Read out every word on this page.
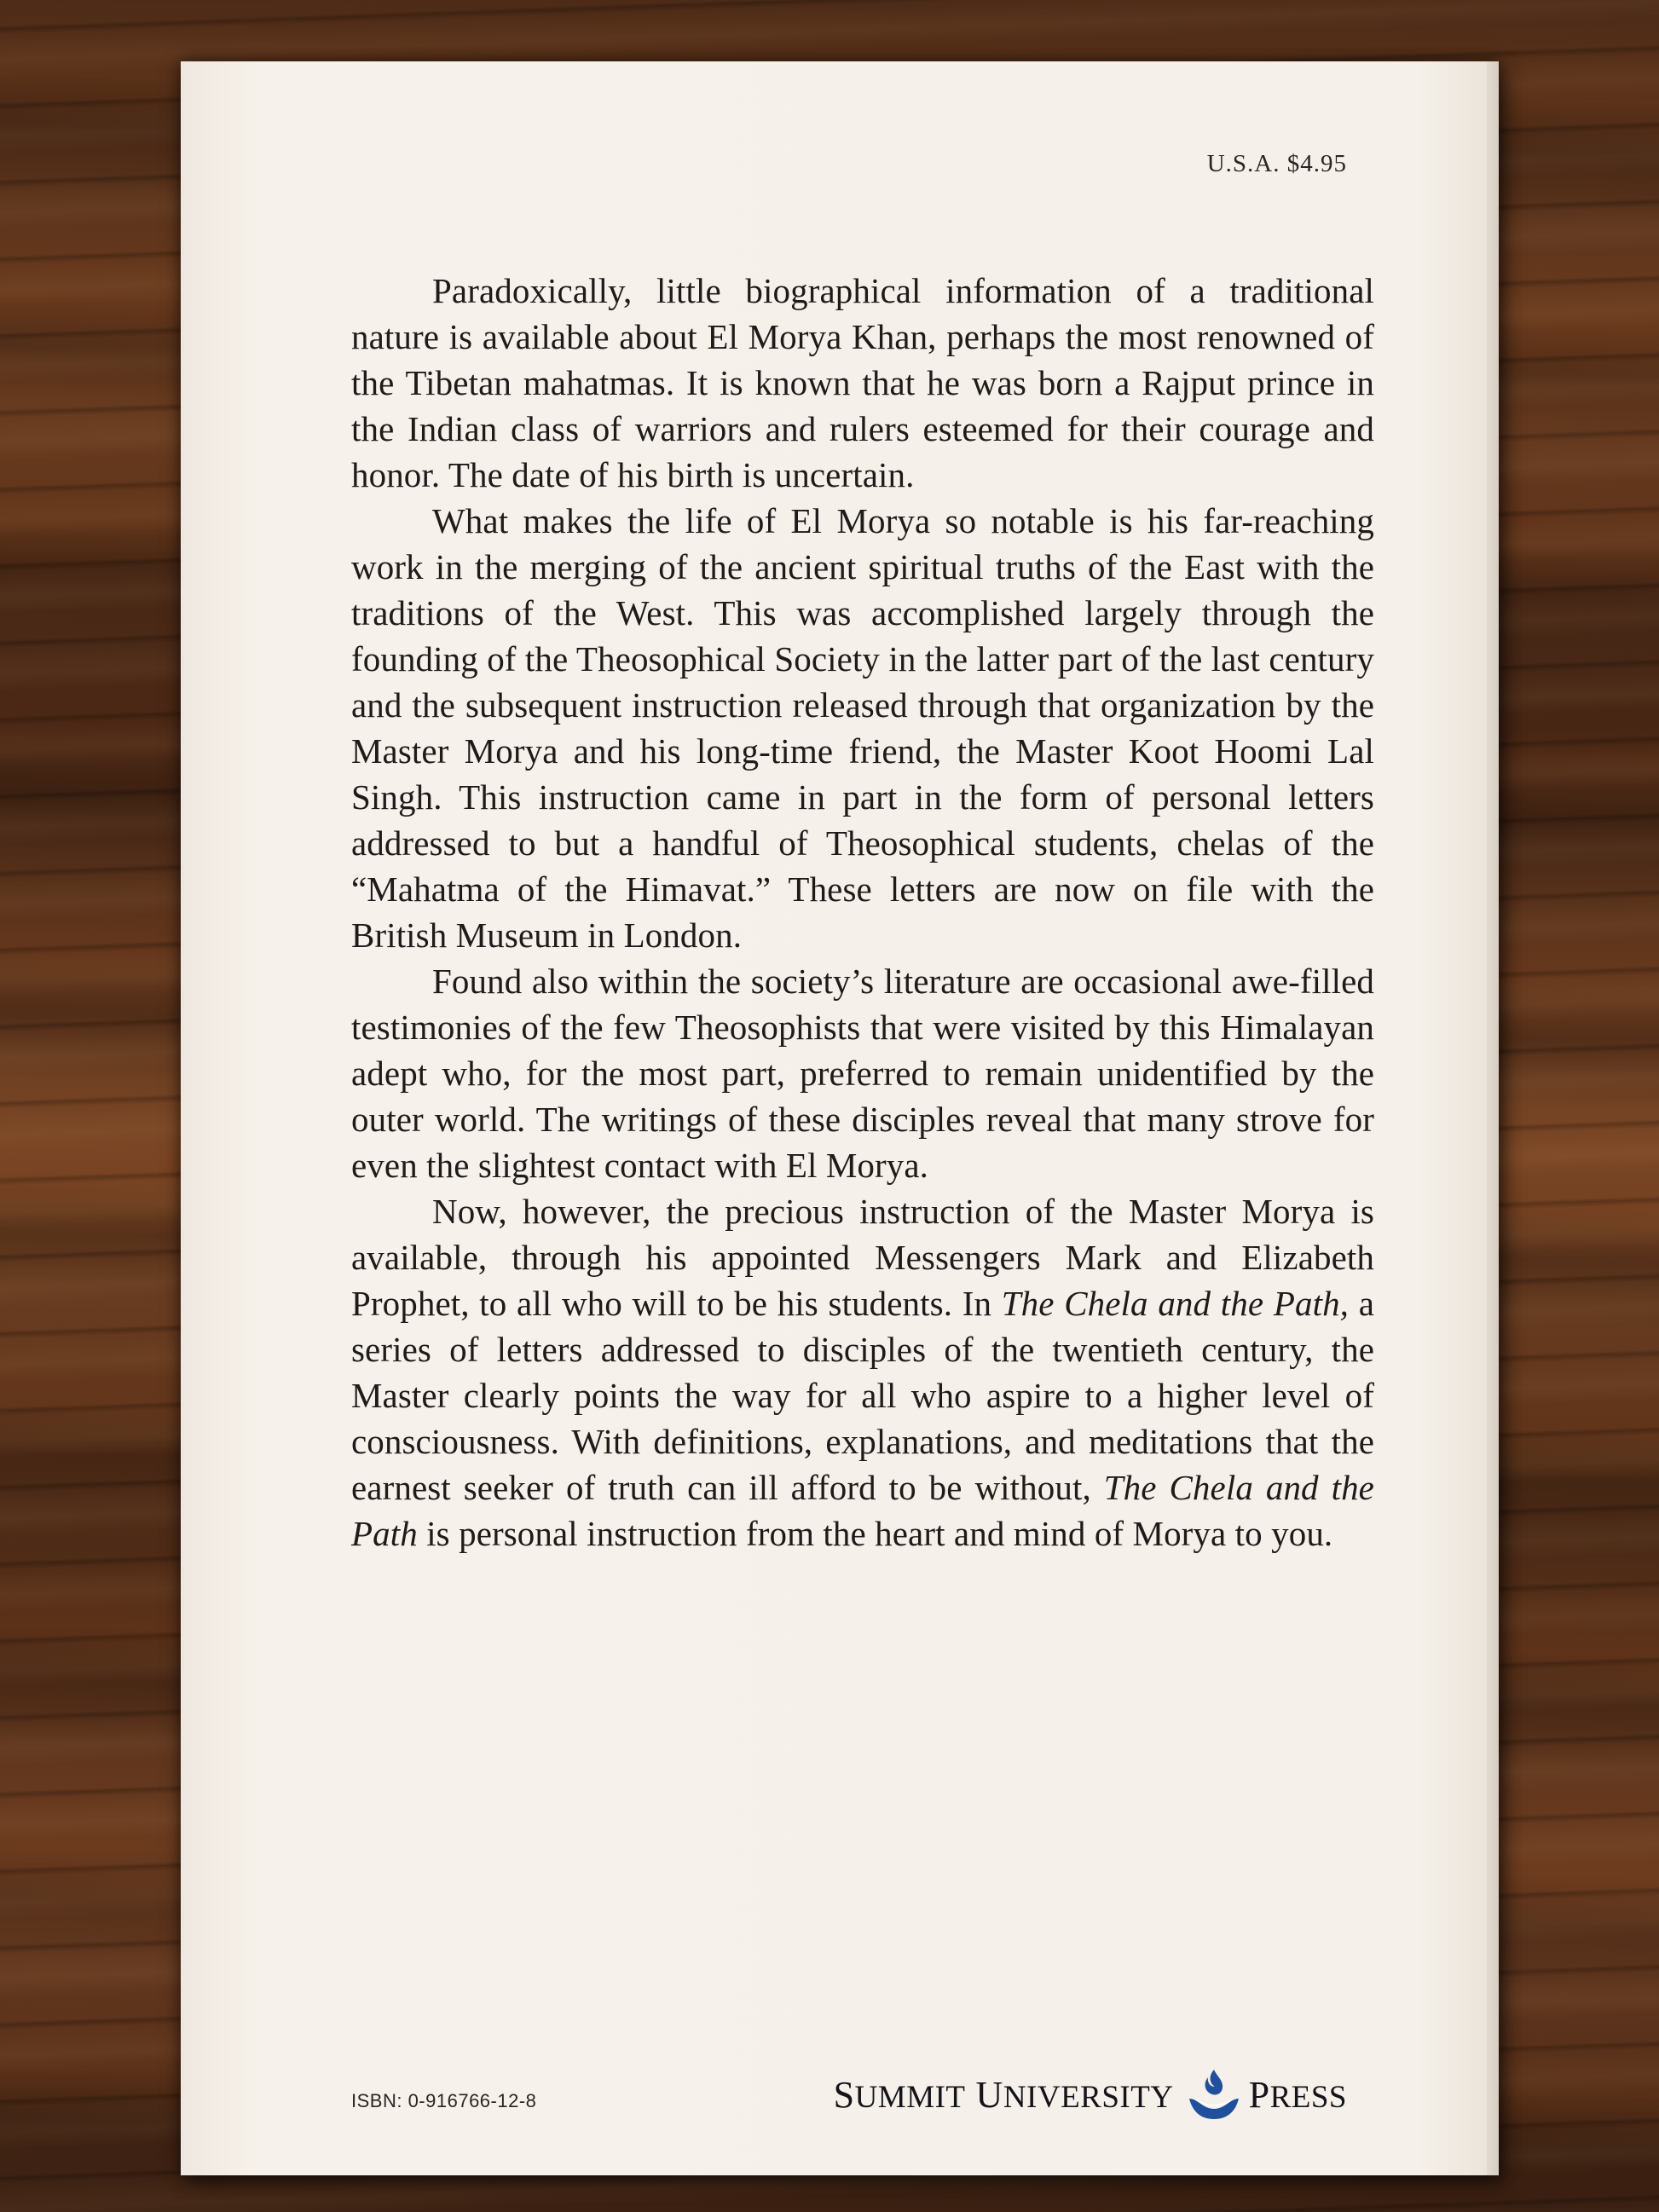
U.S.A. $4.95

Paradoxically, little biographical information of a traditional nature is available about El Morya Khan, perhaps the most renowned of the Tibetan mahatmas. It is known that he was born a Rajput prince in the Indian class of warriors and rulers esteemed for their courage and honor. The date of his birth is uncertain.

What makes the life of El Morya so notable is his far-reaching work in the merging of the ancient spiritual truths of the East with the traditions of the West. This was accomplished largely through the founding of the Theosophical Society in the latter part of the last century and the subsequent instruction released through that organization by the Master Morya and his long-time friend, the Master Koot Hoomi Lal Singh. This instruction came in part in the form of personal letters addressed to but a handful of Theosophical students, chelas of the “Mahatma of the Himavat.” These letters are now on file with the British Museum in London.

Found also within the society’s literature are occasional awe-filled testimonies of the few Theosophists that were visited by this Himalayan adept who, for the most part, preferred to remain unidentified by the outer world. The writings of these disciples reveal that many strove for even the slightest contact with El Morya.

Now, however, the precious instruction of the Master Morya is available, through his appointed Messengers Mark and Elizabeth Prophet, to all who will to be his students. In The Chela and the Path, a series of letters addressed to disciples of the twentieth century, the Master clearly points the way for all who aspire to a higher level of consciousness. With definitions, explanations, and meditations that the earnest seeker of truth can ill afford to be without, The Chela and the Path is personal instruction from the heart and mind of Morya to you.

ISBN: 0-916766-12-8	SUMMIT UNIVERSITY PRESS
